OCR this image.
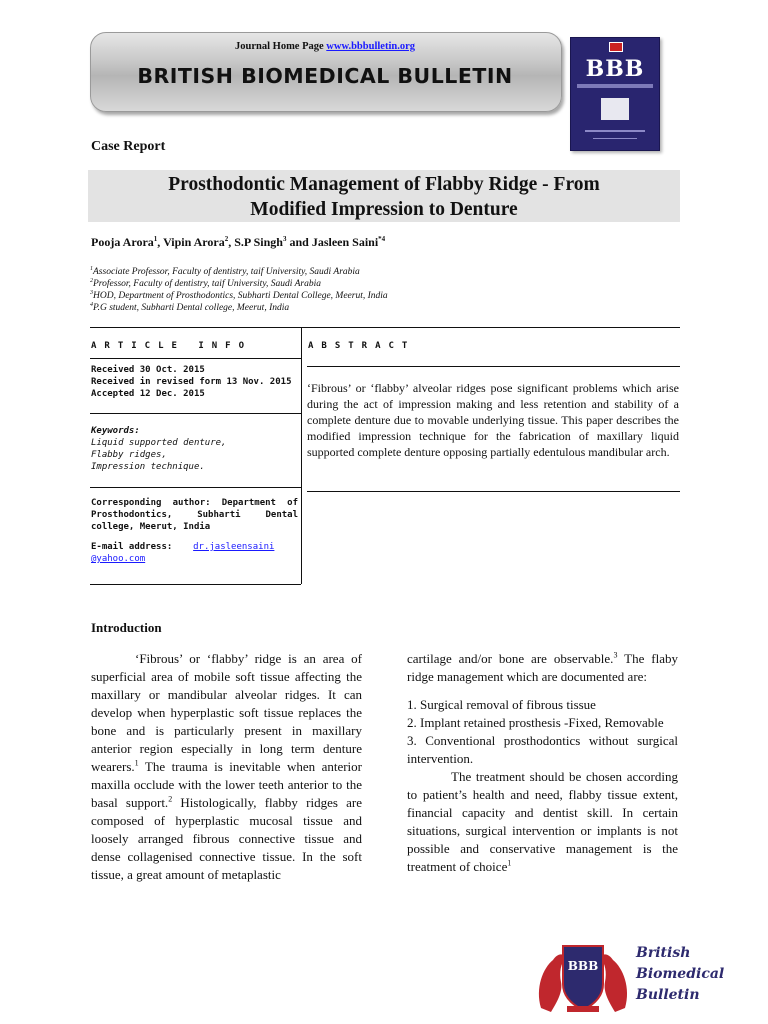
Journal Home Page www.bbbulletin.org
BRITISH BIOMEDICAL BULLETIN	BBB
Case Report
Prosthodontic Management of Flabby Ridge - From
Modified Impression to Denture
Pooja Arora$^1$, Vipin Arora$^2$, S.P Singh$^3$ and Jasleen Saini$^{*4}$
$^1$Associate Professor, Faculty of dentistry, taif University, Saudi Arabia
$^2$Professor, Faculty of dentistry, taif University, Saudi Arabia
$^3$HOD, Department of Prosthodontics, Subharti Dental College, Meerut, India
$^4$P.G student, Subharti Dental college, Meerut, India
ARTICLE INFO	ABSTRACT
Received 30 Oct. 2015
Received in revised form 13 Nov. 2015
Accepted 12 Dec. 2015
Keywords:
Liquid supported denture,
Flabby ridges,
Impression technique.
Corresponding author: Department of
Prosthodontics, Subharti Dental
college, Meerut, India
E-mail address: dr.jasleensaini
@yahoo.com
‘Fibrous’ or ‘flabby’ alveolar ridges pose significant problems which arise during the act of impression making and less retention and stability of a complete denture due to movable underlying tissue. This paper describes the modified impression technique for the fabrication of maxillary liquid supported complete denture opposing partially edentulous mandibular arch.
Introduction
‘Fibrous’ or ‘flabby’ ridge is an area of superficial area of mobile soft tissue affecting the maxillary or mandibular alveolar ridges. It can develop when hyperplastic soft tissue replaces the bone and is particularly present in maxillary anterior region especially in long term denture wearers.$^1$ The trauma is inevitable when anterior maxilla occlude with the lower teeth anterior to the basal support.$^2$ Histologically, flabby ridges are composed of hyperplastic mucosal tissue and loosely arranged fibrous connective tissue and dense collagenised connective tissue. In the soft tissue, a great amount of metaplastic

cartilage and/or bone are observable.$^3$ The flaby ridge management which are documented are:

1. Surgical removal of fibrous tissue

2. Implant retained prosthesis -Fixed, Removable

3. Conventional prosthodontics without surgical intervention.

The treatment should be chosen according to patient’s health and need, flabby tissue extent, financial capacity and dentist skill. In certain situations, surgical intervention or implants is not possible and conservative management is the treatment of choice$^1$

BBB
British
Biomedical
Bulletin
